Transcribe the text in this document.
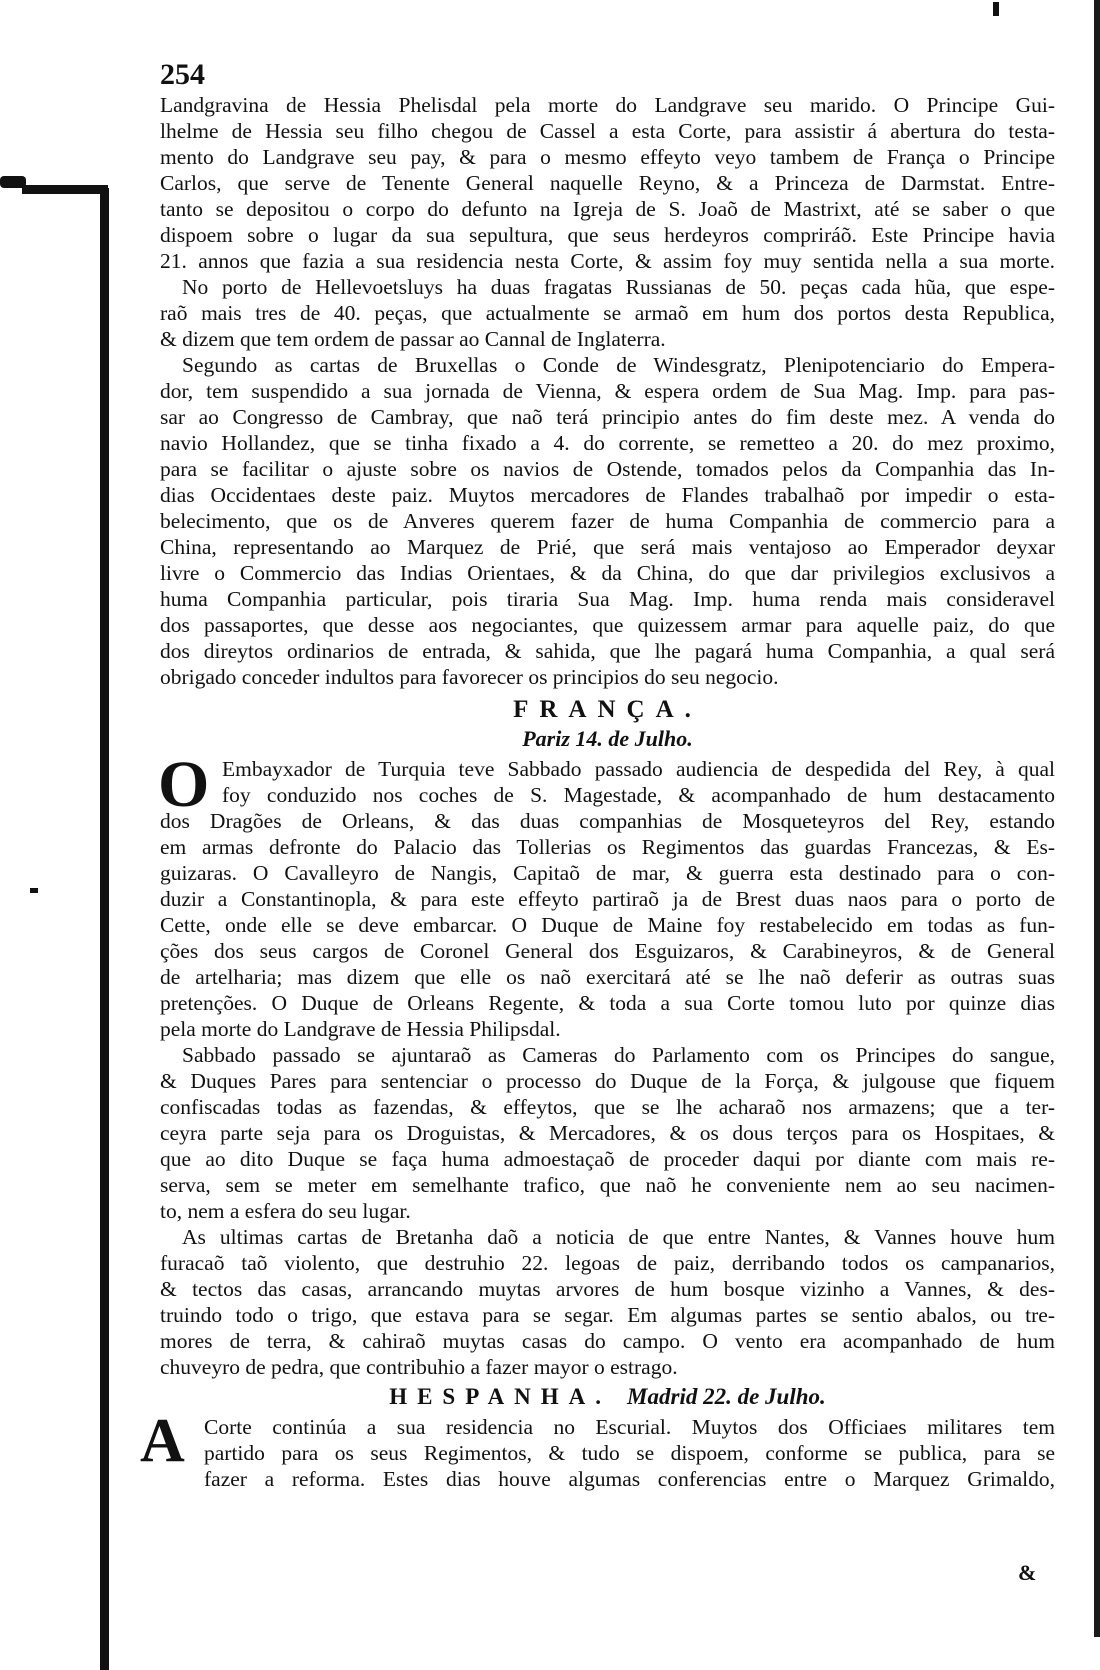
254
Landgravina de Hessia Phelisdal pela morte do Landgrave seu marido. O Principe Gui-
lhelme de Hessia seu filho chegou de Cassel a esta Corte, para assistir á abertura do testa-
mento do Landgrave seu pay, & para o mesmo effeyto veyo tambem de França o Principe
Carlos, que serve de Tenente General naquelle Reyno, & a Princeza de Darmstat. Entre-
tanto se depositou o corpo do defunto na Igreja de S. Joaõ de Mastrixt, até se saber o que
dispoem sobre o lugar da sua sepultura, que seus herdeyros compriráõ. Este Principe havia
21. annos que fazia a sua residencia nesta Corte, & assim foy muy sentida nella a sua morte.
No porto de Hellevoetsluys ha duas fragatas Russianas de 50. peças cada hũa, que espe-
raõ mais tres de 40. peças, que actualmente se armaõ em hum dos portos desta Republica,
& dizem que tem ordem de passar ao Cannal de Inglaterra.
Segundo as cartas de Bruxellas o Conde de Windesgratz, Plenipotenciario do Empera-
dor, tem suspendido a sua jornada de Vienna, & espera ordem de Sua Mag. Imp. para pas-
sar ao Congresso de Cambray, que naõ terá principio antes do fim deste mez. A venda do
navio Hollandez, que se tinha fixado a 4. do corrente, se remetteo a 20. do mez proximo,
para se facilitar o ajuste sobre os navios de Ostende, tomados pelos da Companhia das In-
dias Occidentaes deste paiz. Muytos mercadores de Flandes trabalhaõ por impedir o esta-
belecimento, que os de Anveres querem fazer de huma Companhia de commercio para a
China, representando ao Marquez de Prié, que será mais ventajoso ao Emperador deyxar
livre o Commercio das Indias Orientaes, & da China, do que dar privilegios exclusivos a
huma Companhia particular, pois tiraria Sua Mag. Imp. huma renda mais consideravel
dos passaportes, que desse aos negociantes, que quizessem armar para aquelle paiz, do que
dos direytos ordinarios de entrada, & sahida, que lhe pagará huma Companhia, a qual será
obrigado conceder indultos para favorecer os principios do seu negocio.
FRANÇA.
Pariz 14. de Julho.
O Embayxador de Turquia teve Sabbado passado audiencia de despedida del Rey, à qual
foy conduzido nos coches de S. Magestade, & acompanhado de hum destacamento
dos Dragões de Orleans, & das duas companhias de Mosqueteyros del Rey, estando
em armas defronte do Palacio das Tollerias os Regimentos das guardas Francezas, & Es-
guizaras. O Cavalleyro de Nangis, Capitaõ de mar, & guerra esta destinado para o con-
duzir a Constantinopla, & para este effeyto partiraõ ja de Brest duas naos para o porto de
Cette, onde elle se deve embarcar. O Duque de Maine foy restabelecido em todas as fun-
ções dos seus cargos de Coronel General dos Esguizaros, & Carabineyros, & de General
de artelharia; mas dizem que elle os naõ exercitará até se lhe naõ deferir as outras suas
pretenções. O Duque de Orleans Regente, & toda a sua Corte tomou luto por quinze dias
pela morte do Landgrave de Hessia Philipsdal.
Sabbado passado se ajuntaraõ as Cameras do Parlamento com os Principes do sangue,
& Duques Pares para sentenciar o processo do Duque de la Força, & julgouse que fiquem
confiscadas todas as fazendas, & effeytos, que se lhe acharaõ nos armazens; que a ter-
ceyra parte seja para os Droguistas, & Mercadores, & os dous terços para os Hospitaes, &
que ao dito Duque se faça huma admoestaçaõ de proceder daqui por diante com mais re-
serva, sem se meter em semelhante trafico, que naõ he conveniente nem ao seu nacimen-
to, nem a esfera do seu lugar.
As ultimas cartas de Bretanha daõ a noticia de que entre Nantes, & Vannes houve hum
furacaõ taõ violento, que destruhio 22. legoas de paiz, derribando todos os campanarios,
& tectos das casas, arrancando muytas arvores de hum bosque vizinho a Vannes, & des-
truindo todo o trigo, que estava para se segar. Em algumas partes se sentio abalos, ou tre-
mores de terra, & cahiraõ muytas casas do campo. O vento era acompanhado de hum
chuveyro de pedra, que contribuhio a fazer mayor o estrago.
HESPANHA. Madrid 22. de Julho.
A Corte continúa a sua residencia no Escurial. Muytos dos Officiaes militares tem
partido para os seus Regimentos, & tudo se dispoem, conforme se publica, para se
fazer a reforma. Estes dias houve algumas conferencias entre o Marquez Grimaldo,
&
